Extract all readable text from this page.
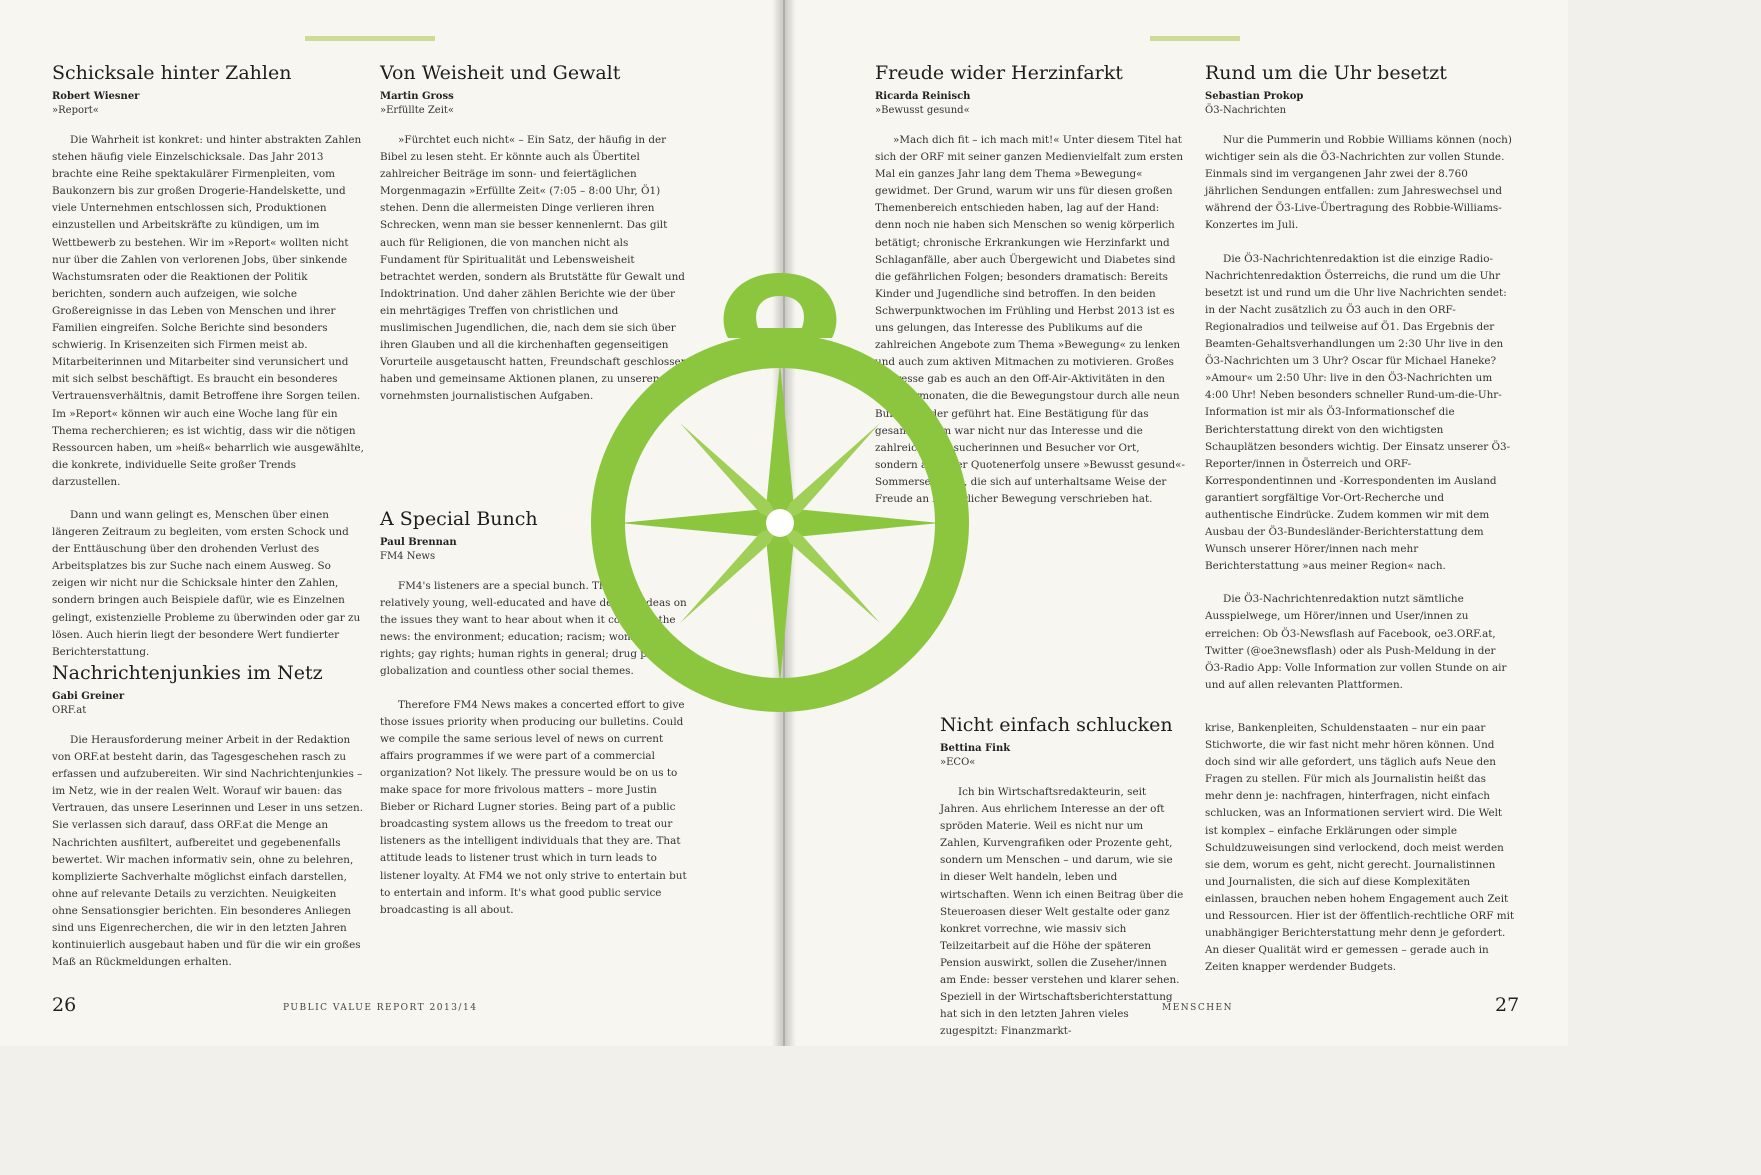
Schicksale hinter Zahlen
Robert Wiesner
»Report«

Die Wahrheit ist konkret: und hinter abstrakten Zahlen stehen häufig viele Einzelschicksale. Das Jahr 2013 brachte eine Reihe spektakulärer Firmenpleiten, vom Baukonzern bis zur großen Drogerie-Handelskette, und viele Unternehmen entschlossen sich, Produktionen einzustellen und Arbeitskräfte zu kündigen, um im Wettbewerb zu bestehen. Wir im »Report« wollten nicht nur über die Zahlen von verlorenen Jobs, über sinkende Wachstumsraten oder die Reaktionen der Politik berichten, sondern auch aufzeigen, wie solche Großereignisse in das Leben von Menschen und ihrer Familien eingreifen. Solche Berichte sind besonders schwierig. In Krisenzeiten sich Firmen meist ab. Mitarbeiterinnen und Mitarbeiter sind verunsichert und mit sich selbst beschäftigt. Es braucht ein besonderes Vertrauensverhältnis, damit Betroffene ihre Sorgen teilen. Im »Report« können wir auch eine Woche lang für ein Thema recherchieren; es ist wichtig, dass wir die nötigen Ressourcen haben, um »heiß« beharrlich wie ausgewählte, die konkrete, individuelle Seite großer Trends darzustellen.

Dann und wann gelingt es, Menschen über einen längeren Zeitraum zu begleiten, vom ersten Schock und der Enttäuschung über den drohenden Verlust des Arbeitsplatzes bis zur Suche nach einem Ausweg. So zeigen wir nicht nur die Schicksale hinter den Zahlen, sondern bringen auch Beispiele dafür, wie es Einzelnen gelingt, existenzielle Probleme zu überwinden oder gar zu lösen. Auch hierin liegt der besondere Wert fundierter Berichterstattung.

Nachrichtenjunkies im Netz
Gabi Greiner
ORF.at

Die Herausforderung meiner Arbeit in der Redaktion von ORF.at besteht darin, das Tagesgeschehen rasch zu erfassen und aufzubereiten. Wir sind Nachrichtenjunkies – im Netz, wie in der realen Welt. Worauf wir bauen: das Vertrauen, das unsere Leserinnen und Leser in uns setzen. Sie verlassen sich darauf, dass ORF.at die Menge an Nachrichten ausfiltert, aufbereitet und gegebenenfalls bewertet. Wir machen informativ sein, ohne zu belehren, komplizierte Sachverhalte möglichst einfach darstellen, ohne auf relevante Details zu verzichten. Neuigkeiten ohne Sensationsgier berichten. Ein besonderes Anliegen sind uns Eigenrecherchen, die wir in den letzten Jahren kontinuierlich ausgebaut haben und für die wir ein großes Maß an Rückmeldungen erhalten.

Von Weisheit und Gewalt
Martin Gross
»Erfüllte Zeit«

»Fürchtet euch nicht« – Ein Satz, der häufig in der Bibel zu lesen steht. Er könnte auch als Übertitel zahlreicher Beiträge im sonn- und feiertäglichen Morgenmagazin »Erfüllte Zeit« (7:05 – 8:00 Uhr, Ö1) stehen. Denn die allermeisten Dinge verlieren ihren Schrecken, wenn man sie besser kennenlernt. Das gilt auch für Religionen, die von manchen nicht als Fundament für Spiritualität und Lebensweisheit betrachtet werden, sondern als Brutstätte für Gewalt und Indoktrination. Und daher zählen Berichte wie der über ein mehrtägiges Treffen von christlichen und muslimischen Jugendlichen, die, nach dem sie sich über ihren Glauben und all die kirchenhaften gegenseitigen Vorurteile ausgetauscht hatten, Freundschaft geschlossen haben und gemeinsame Aktionen planen, zu unseren vornehmsten journalistischen Aufgaben.

A Special Bunch
Paul Brennan
FM4 News

FM4's listeners are a special bunch. They are relatively young, well-educated and have definite ideas on the issues they want to hear about when it comes to the news: the environment; education; racism; women's rights; gay rights; human rights in general; drug policies, globalization and countless other social themes.

Therefore FM4 News makes a concerted effort to give those issues priority when producing our bulletins. Could we compile the same serious level of news on current affairs programmes if we were part of a commercial organization? Not likely. The pressure would be on us to make space for more frivolous matters – more Justin Bieber or Richard Lugner stories. Being part of a public broadcasting system allows us the freedom to treat our listeners as the intelligent individuals that they are. That attitude leads to listener trust which in turn leads to listener loyalty. At FM4 we not only strive to entertain but to entertain and inform. It's what good public service broadcasting is all about.

26	PUBLIC VALUE REPORT 2013/14
Freude wider Herzinfarkt
Ricarda Reinisch
»Bewusst gesund«

»Mach dich fit – ich mach mit!« Unter diesem Titel hat sich der ORF mit seiner ganzen Medienvielfalt zum ersten Mal ein ganzes Jahr lang dem Thema »Bewegung« gewidmet. Der Grund, warum wir uns für diesen großen Themenbereich entschieden haben, lag auf der Hand: denn noch nie haben sich Menschen so wenig körperlich betätigt; chronische Erkrankungen wie Herzinfarkt und Schlaganfälle, aber auch Übergewicht und Diabetes sind die gefährlichen Folgen; besonders dramatisch: Bereits Kinder und Jugendliche sind betroffen. In den beiden Schwerpunktwochen im Frühling und Herbst 2013 ist es uns gelungen, das Interesse des Publikums auf die zahlreichen Angebote zum Thema »Bewegung« zu lenken und auch zum aktiven Mitmachen zu motivieren. Großes Interesse gab es auch an den Off-Air-Aktivitäten in den Sommermonaten, die die Bewegungstour durch alle neun Bundesländer geführt hat. Eine Bestätigung für das gesamte Team war nicht nur das Interesse und die zahlreichen Besucherinnen und Besucher vor Ort, sondern auch der Quotenerfolg unsere »Bewusst gesund«-Sommersendung, die sich auf unterhaltsame Weise der Freude an körperlicher Bewegung verschrieben hat.

Nicht einfach schlucken
Bettina Fink
»ECO«

Ich bin Wirtschaftsredakteurin, seit Jahren. Aus ehrlichem Interesse an der oft spröden Materie. Weil es nicht nur um Zahlen, Kurvengrafiken oder Prozente geht, sondern um Menschen – und darum, wie sie in dieser Welt handeln, leben und wirtschaften. Wenn ich einen Beitrag über die Steueroasen dieser Welt gestalte oder ganz konkret vorrechne, wie massiv sich Teilzeitarbeit auf die Höhe der späteren Pension auswirkt, sollen die Zuseher/innen am Ende: besser verstehen und klarer sehen. Speziell in der Wirtschaftsberichterstattung hat sich in den letzten Jahren vieles zugespitzt: Finanzmarkt-

Rund um die Uhr besetzt
Sebastian Prokop
Ö3-Nachrichten

Nur die Pummerin und Robbie Williams können (noch) wichtiger sein als die Ö3-Nachrichten zur vollen Stunde. Einmals sind im vergangenen Jahr zwei der 8.760 jährlichen Sendungen entfallen: zum Jahreswechsel und während der Ö3-Live-Übertragung des Robbie-Williams-Konzertes im Juli.

Die Ö3-Nachrichtenredaktion ist die einzige Radio-Nachrichtenredaktion Österreichs, die rund um die Uhr besetzt ist und rund um die Uhr live Nachrichten sendet: in der Nacht zusätzlich zu Ö3 auch in den ORF-Regionalradios und teilweise auf Ö1. Das Ergebnis der Beamten-Gehaltsverhandlungen um 2:30 Uhr live in den Ö3-Nachrichten um 3 Uhr? Oscar für Michael Haneke? »Amour« um 2:50 Uhr: live in den Ö3-Nachrichten um 4:00 Uhr! Neben besonders schneller Rund-um-die-Uhr-Information ist mir als Ö3-Informationschef die Berichterstattung direkt von den wichtigsten Schauplätzen besonders wichtig. Der Einsatz unserer Ö3-Reporter/innen in Österreich und ORF-Korrespondentinnen und -Korrespondenten im Ausland garantiert sorgfältige Vor-Ort-Recherche und authentische Eindrücke. Zudem kommen wir mit dem Ausbau der Ö3-Bundesländer-Berichterstattung dem Wunsch unserer Hörer/innen nach mehr Berichterstattung »aus meiner Region« nach.

Die Ö3-Nachrichtenredaktion nutzt sämtliche Ausspielwege, um Hörer/innen und User/innen zu erreichen: Ob Ö3-Newsflash auf Facebook, oe3.ORF.at, Twitter (@oe3newsflash) oder als Push-Meldung in der Ö3-Radio App: Volle Information zur vollen Stunde on air und auf allen relevanten Plattformen.

krise, Bankenpleiten, Schuldenstaaten – nur ein paar Stichworte, die wir fast nicht mehr hören können. Und doch sind wir alle gefordert, uns täglich aufs Neue den Fragen zu stellen. Für mich als Journalistin heißt das mehr denn je: nachfragen, hinterfragen, nicht einfach schlucken, was an Informationen serviert wird. Die Welt ist komplex – einfache Erklärungen oder simple Schuldzuweisungen sind verlockend, doch meist werden sie dem, worum es geht, nicht gerecht. Journalistinnen und Journalisten, die sich auf diese Komplexitäten einlassen, brauchen neben hohem Engagement auch Zeit und Ressourcen. Hier ist der öffentlich-rechtliche ORF mit unabhängiger Berichterstattung mehr denn je gefordert. An dieser Qualität wird er gemessen – gerade auch in Zeiten knapper werdender Budgets.

MENSCHEN	27
